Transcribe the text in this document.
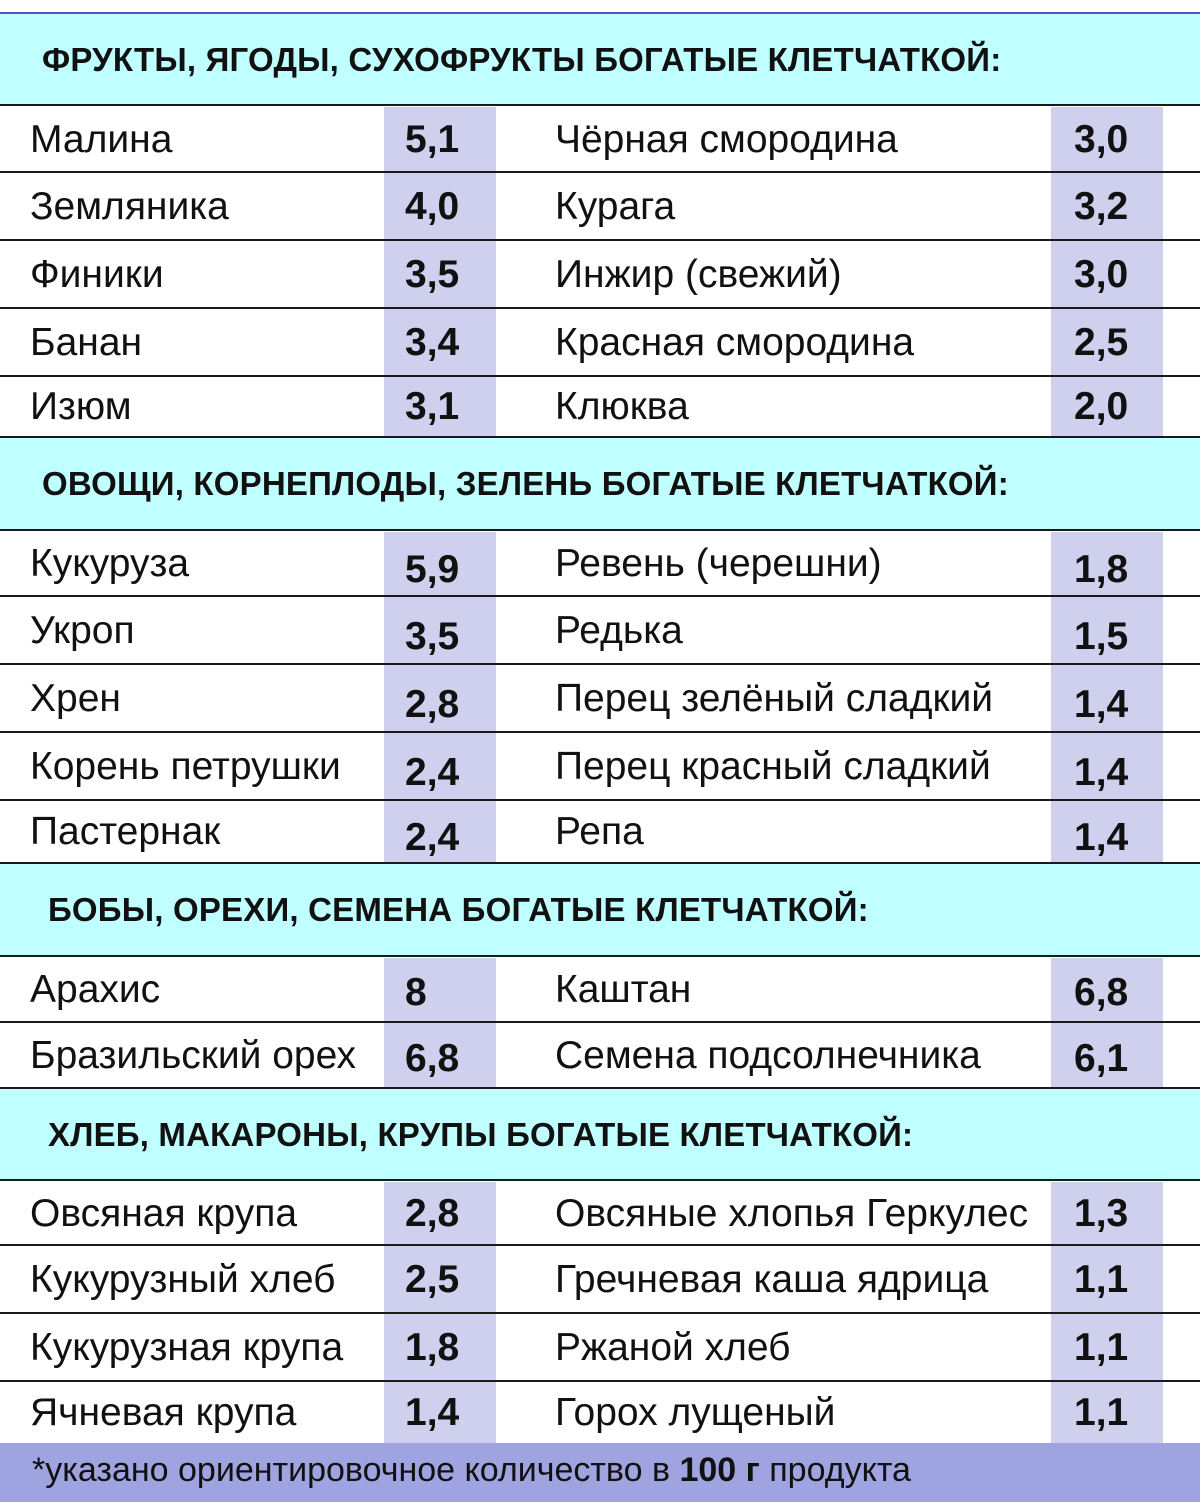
ФРУКТЫ, ЯГОДЫ, СУХОФРУКТЫ БОГАТЫЕ КЛЕТЧАТКОЙ:
Малина	5,1 Чёрная смородина	3,0
Земляника	4,0 Курага	3,2
Финики	3,5 Инжир (свежий)	3,0
Банан	3,4 Красная смородина	2,5
Изюм	3,1 Клюква	2,0
ОВОЩИ, КОРНЕПЛОДЫ, ЗЕЛЕНЬ БОГАТЫЕ КЛЕТЧАТКОЙ:
Кукуруза	5,9 Ревень (черешни)	1,8
Укроп	3,5 Редька	1,5
Хрен	2,8 Перец зелёный сладкий 1,4
Корень петрушки 2,4 Перец красный сладкий 1,4
Пастернак	2,4 Репа	1,4
БОБЫ, ОРЕХИ, СЕМЕНА БОГАТЫЕ КЛЕТЧАТКОЙ:
Арахис	8	Каштан	6,8
Бразильский орех 6,8 Семена подсолнечника 6,1
ХЛЕБ, МАКАРОНЫ, КРУПЫ БОГАТЫЕ КЛЕТЧАТКОЙ:
Овсяная крупа	2,8 Овсяные хлопья Геркулес 1,3
Кукурузный хлеб 2,5 Гречневая каша ядрица 1,1
Кукурузная крупа 1,8 Ржаной хлеб	1,1
Ячневая крупа	1,4 Горох лущеный	1,1
*указано ориентировочное количество в 100 г продукта
